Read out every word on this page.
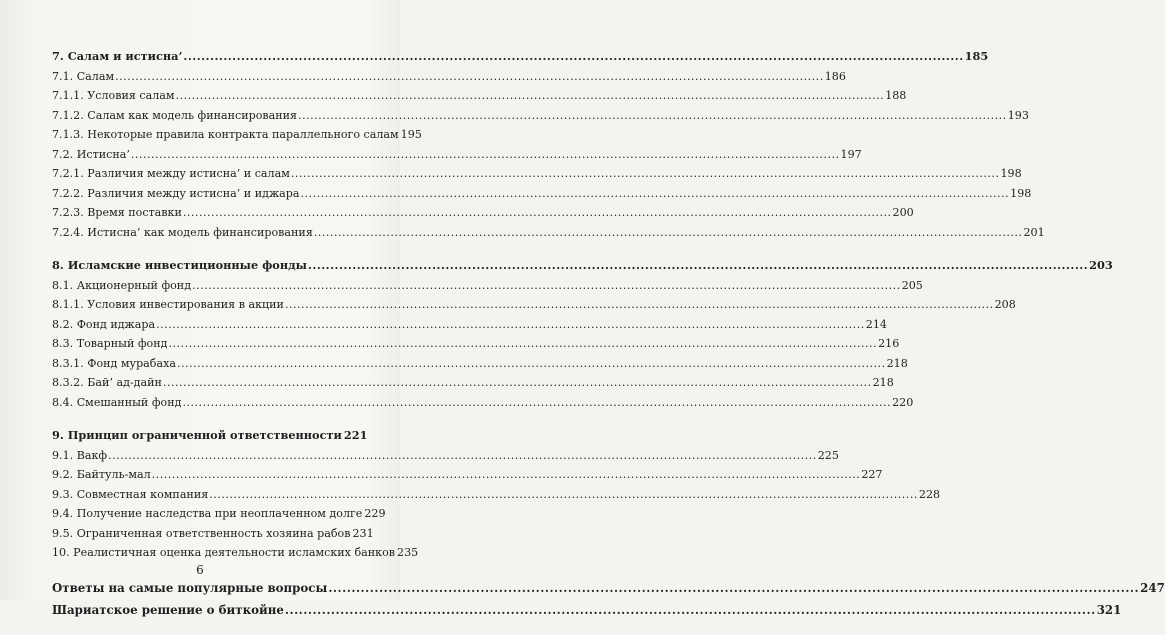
7. Салам и истисна’ .....	185
7.1. Салам .....	186
7.1.1. Условия салам .....	188
7.1.2. Салам как модель финансирования .....	193
7.1.3. Некоторые правила контракта параллельного салам 195
7.2. Истисна’ .....	197
7.2.1. Различия между истисна’ и салам .....	198
7.2.2. Различия между истисна’ и иджара .....	198
7.2.3. Время поставки .....	200
7.2.4. Истисна’ как модель финансирования .....	201
8. Исламские инвестиционные фонды .....	203
8.1. Акционерный фонд .....	205
8.1.1. Условия инвестирования в акции .....	208
8.2. Фонд иджара .....	214
8.3. Товарный фонд .....	216
8.3.1. Фонд мурабаха .....	218
8.3.2. Бай’ ад-дайн .....	218
8.4. Смешанный фонд .....	220
9. Принцип ограниченной ответственности 221
9.1. Вакф .....	225
9.2. Байтуль-мал .....	227
9.3. Совместная компания .....	228
9.4. Получение наследства при неоплаченном долге 229
9.5. Ограниченная ответственность хозяина рабов 231
10. Реалистичная оценка деятельности исламских банков 235
Ответы на самые популярные вопросы .....	247
Шариатское решение о биткойне .....	321
6
